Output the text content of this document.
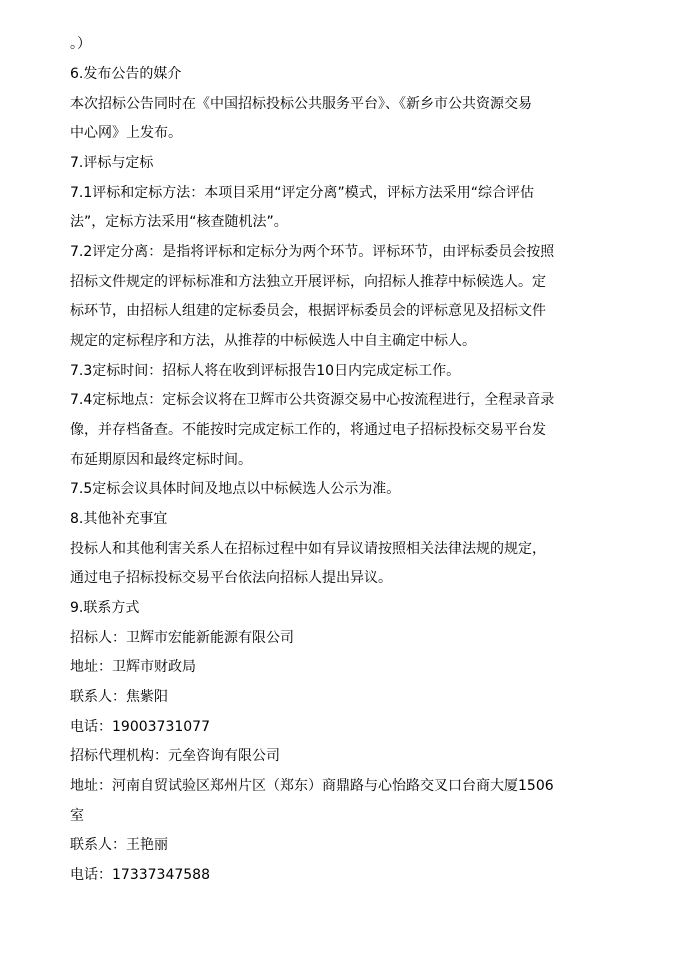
。）
6.发布公告的媒介
本次招标公告同时在《中国招标投标公共服务平台》、《新乡市公共资源交易
中心网》上发布。
7.评标与定标
7.1评标和定标方法：本项目采用“评定分离”模式，评标方法采用“综合评估
法”，定标方法采用“核查随机法”。
7.2评定分离：是指将评标和定标分为两个环节。评标环节，由评标委员会按照
招标文件规定的评标标准和方法独立开展评标，向招标人推荐中标候选人。定
标环节，由招标人组建的定标委员会，根据评标委员会的评标意见及招标文件
规定的定标程序和方法，从推荐的中标候选人中自主确定中标人。
7.3定标时间：招标人将在收到评标报告10日内完成定标工作。
7.4定标地点：定标会议将在卫辉市公共资源交易中心按流程进行，全程录音录
像，并存档备查。不能按时完成定标工作的，将通过电子招标投标交易平台发
布延期原因和最终定标时间。
7.5定标会议具体时间及地点以中标候选人公示为准。
8.其他补充事宜
投标人和其他利害关系人在招标过程中如有异议请按照相关法律法规的规定，
通过电子招标投标交易平台依法向招标人提出异议。
9.联系方式
招标人：卫辉市宏能新能源有限公司
地址：卫辉市财政局
联系人：焦紫阳
电话：19003731077
招标代理机构：元垒咨询有限公司
地址：河南自贸试验区郑州片区（郑东）商鼎路与心怡路交叉口台商大厦1506
室
联系人：王艳丽
电话：17337347588
